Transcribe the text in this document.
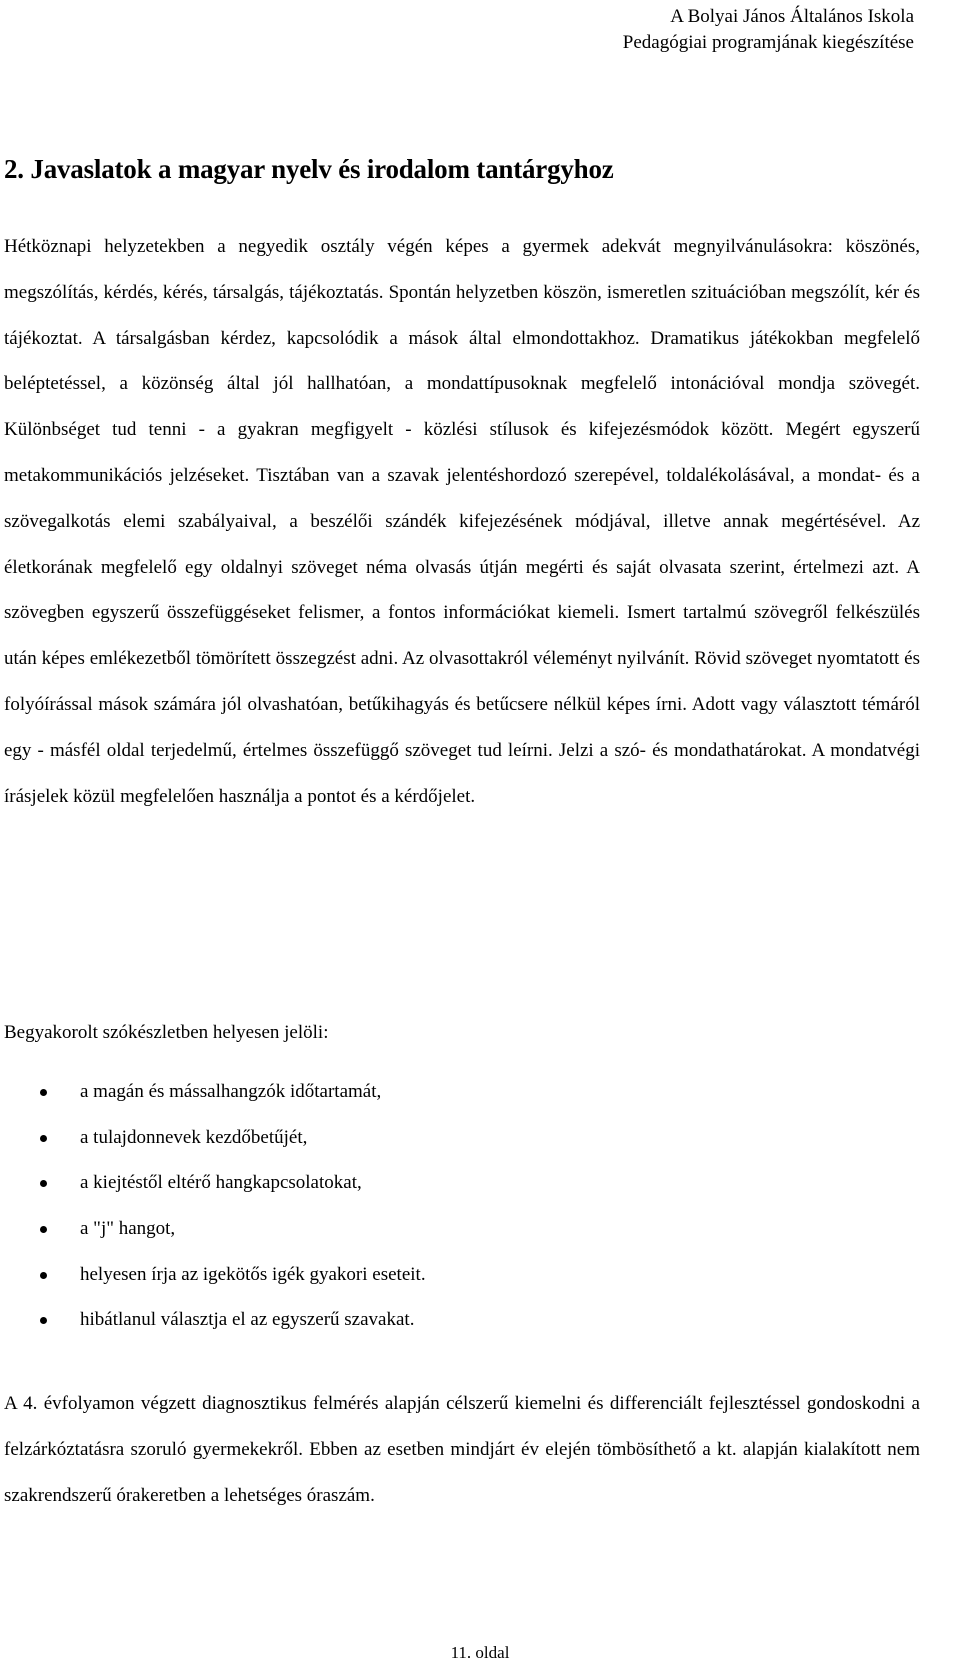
A Bolyai János Általános Iskola
Pedagógiai programjának kiegészítése
2. Javaslatok a magyar nyelv és irodalom tantárgyhoz

Hétköznapi helyzetekben a negyedik osztály végén képes a gyermek adekvát megnyilvánulásokra: köszönés, megszólítás, kérdés, kérés, társalgás, tájékoztatás. Spontán helyzetben köszön, ismeretlen szituációban megszólít, kér és tájékoztat. A társalgásban kérdez, kapcsolódik a mások által elmondottakhoz. Dramatikus játékokban megfelelő beléptetéssel, a közönség által jól hallhatóan, a mondattípusoknak megfelelő intonációval mondja szövegét. Különbséget tud tenni - a gyakran megfigyelt - közlési stílusok és kifejezésmódok között. Megért egyszerű metakommunikációs jelzéseket. Tisztában van a szavak jelentéshordozó szerepével, toldalékolásával, a mondat- és a szövegalkotás elemi szabályaival, a beszélői szándék kifejezésének módjával, illetve annak megértésével. Az életkorának megfelelő egy oldalnyi szöveget néma olvasás útján megérti és saját olvasata szerint, értelmezi azt. A szövegben egyszerű összefüggéseket felismer, a fontos információkat kiemeli. Ismert tartalmú szövegről felkészülés után képes emlékezetből tömörített összegzést adni. Az olvasottakról véleményt nyilvánít. Rövid szöveget nyomtatott és folyóírással mások számára jól olvashatóan, betűkihagyás és betűcsere nélkül képes írni. Adott vagy választott témáról egy - másfél oldal terjedelmű, értelmes összefüggő szöveget tud leírni. Jelzi a szó- és mondathatárokat. A mondatvégi írásjelek közül megfelelően használja a pontot és a kérdőjelet.

Begyakorolt szókészletben helyesen jelöli:

a magán és mássalhangzók időtartamát,
a tulajdonnevek kezdőbetűjét,
a kiejtéstől eltérő hangkapcsolatokat,
a "j" hangot,
helyesen írja az igekötős igék gyakori eseteit.
hibátlanul választja el az egyszerű szavakat.

A 4. évfolyamon végzett diagnosztikus felmérés alapján célszerű kiemelni és differenciált fejlesztéssel gondoskodni a felzárkóztatásra szoruló gyermekekről. Ebben az esetben mindjárt év elején tömbösíthető a kt. alapján kialakított nem szakrendszerű órakeretben a lehetséges óraszám.

11. oldal
